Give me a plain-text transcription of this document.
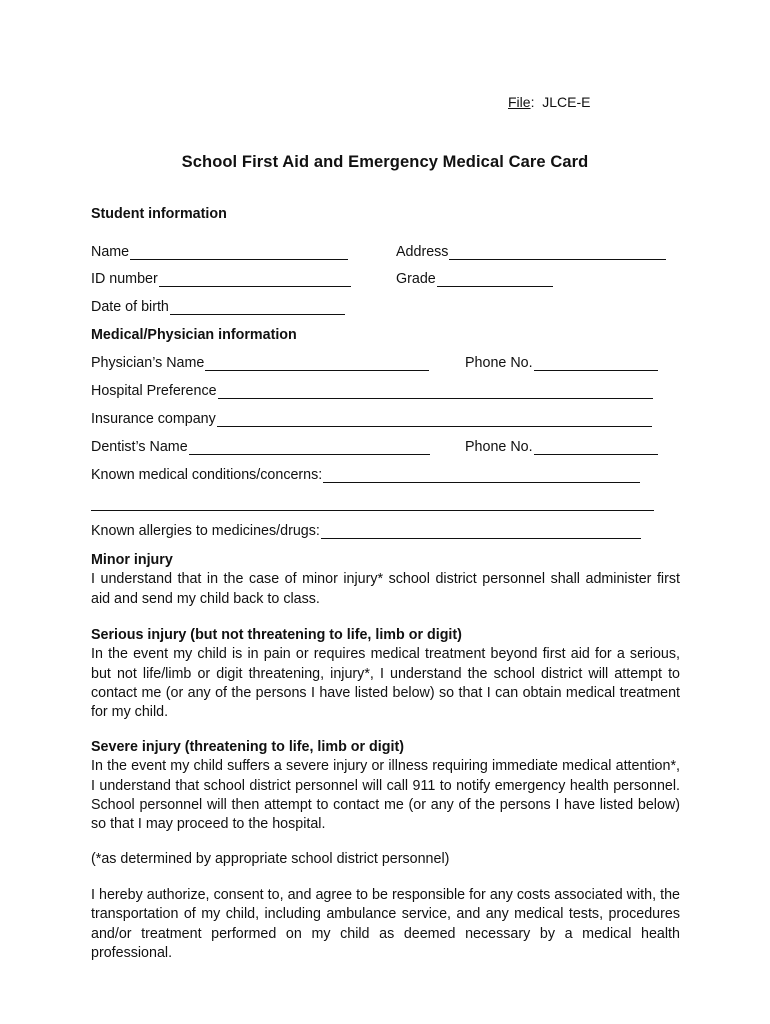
File:  JLCE-E
School First Aid and Emergency Medical Care Card
Student information
Name	Address
ID number	Grade
Date of birth
Medical/Physician information
Physician’s Name	Phone No.
Hospital Preference
Insurance company
Dentist’s Name	Phone No.
Known medical conditions/concerns:
Known allergies to medicines/drugs:
Minor injury
I understand that in the case of minor injury* school district personnel shall administer first aid and send my child back to class.
Serious injury (but not threatening to life, limb or digit)
In the event my child is in pain or requires medical treatment beyond first aid for a serious, but not life/limb or digit threatening, injury*, I understand the school district will attempt to contact me (or any of the persons I have listed below) so that I can obtain medical treatment for my child.
Severe injury (threatening to life, limb or digit)
In the event my child suffers a severe injury or illness requiring immediate medical attention*, I understand that school district personnel will call 911 to notify emergency health personnel. School personnel will then attempt to contact me (or any of the persons I have listed below) so that I may proceed to the hospital.
(*as determined by appropriate school district personnel)
I hereby authorize, consent to, and agree to be responsible for any costs associated with, the transportation of my child, including ambulance service, and any medical tests, procedures and/or treatment performed on my child as deemed necessary by a medical health professional.
